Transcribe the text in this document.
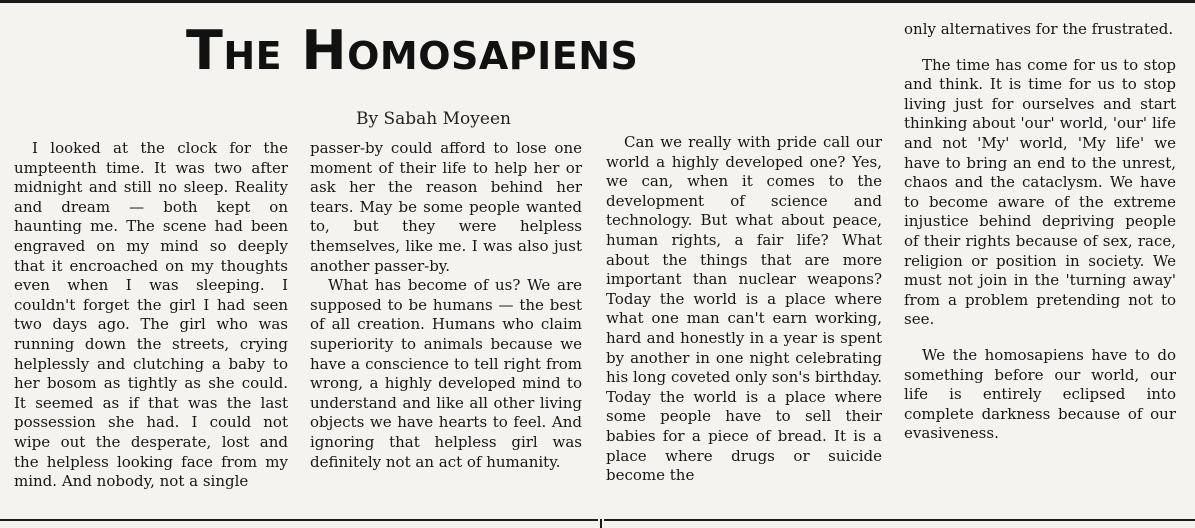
The Homosapiens
By Sabah Moyeen

I looked at the clock for the umpteenth time. It was two after midnight and still no sleep. Reality and dream — both kept on haunting me. The scene had been engraved on my mind so deeply that it encroached on my thoughts even when I was sleeping. I couldn't forget the girl I had seen two days ago. The girl who was running down the streets, crying helplessly and clutching a baby to her bosom as tightly as she could. It seemed as if that was the last possession she had. I could not wipe out the desperate, lost and the helpless looking face from my mind. And nobody, not a single

passer-by could afford to lose one moment of their life to help her or ask her the reason behind her tears. May be some people wanted to, but they were helpless themselves, like me. I was also just another passer-by.

What has become of us? We are supposed to be humans — the best of all creation. Humans who claim superiority to animals because we have a conscience to tell right from wrong, a highly developed mind to understand and like all other living objects we have hearts to feel. And ignoring that helpless girl was definitely not an act of humanity.

Can we really with pride call our world a highly developed one? Yes, we can, when it comes to the development of science and technology. But what about peace, human rights, a fair life? What about the things that are more important than nuclear weapons? Today the world is a place where what one man can't earn working, hard and honestly in a year is spent by another in one night celebrating his long coveted only son's birthday. Today the world is a place where some people have to sell their babies for a piece of bread. It is a place where drugs or suicide become the

only alternatives for the frustrated.

The time has come for us to stop and think. It is time for us to stop living just for ourselves and start thinking about 'our' world, 'our' life and not 'My' world, 'My life' we have to bring an end to the unrest, chaos and the cataclysm. We have to become aware of the extreme injustice behind depriving people of their rights because of sex, race, religion or position in society. We must not join in the 'turning away' from a problem pretending not to see.

We the homosapiens have to do something before our world, our life is entirely eclipsed into complete darkness because of our evasiveness.
